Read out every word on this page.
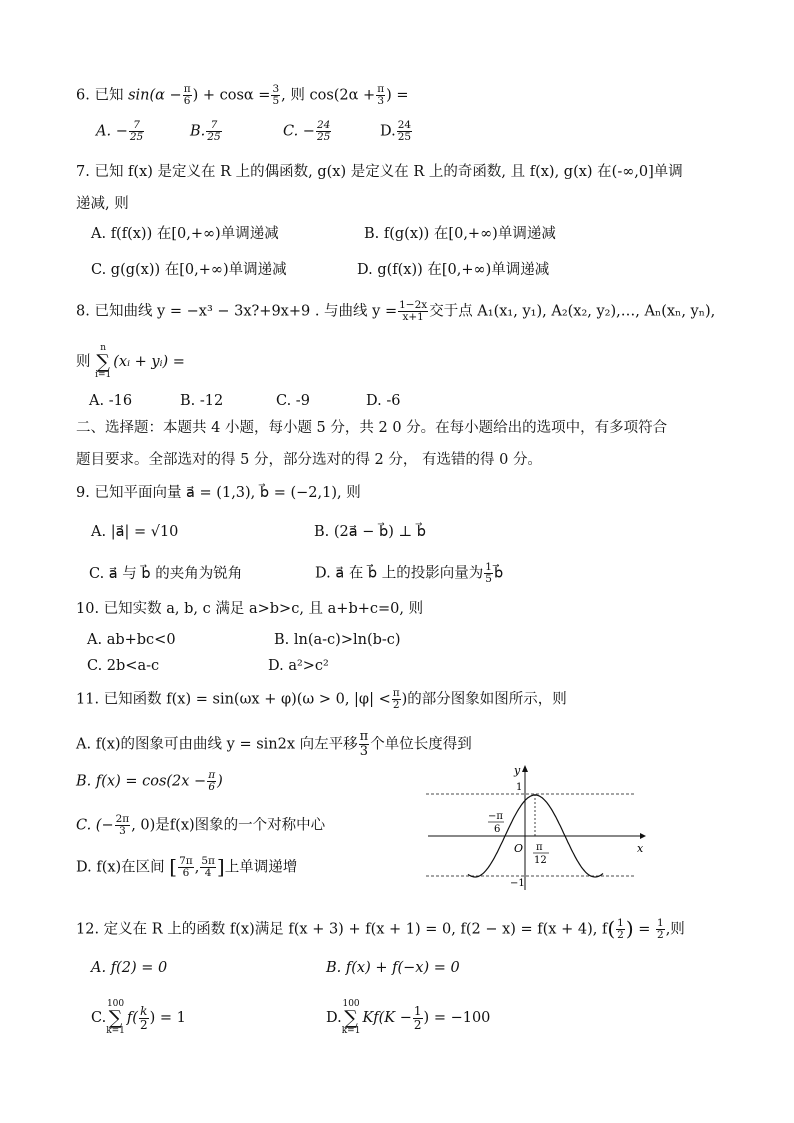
6. 已知 $\sin(\alpha - \frac{\pi}{6}$ ) + $\cos\alpha = \frac{3}{5}$ , 则 $\cos(2\alpha + \frac{\pi}{3}$ ) =
A. − $\frac{7}{25}$	B. $\frac{7}{25}$	C. − $\frac{24}{25}$	D. $\frac{24}{25}$
7. 已知 f(x) 是定义在 R 上的偶函数, g(x) 是定义在 R 上的奇函数, 且 f(x), g(x) 在(-∞,0]单调
递减, 则
A. f(f(x)) 在[0,+∞)单调递减	B. f(g(x)) 在[0,+∞)单调递减
C. g(g(x)) 在[0,+∞)单调递减	D. g(f(x)) 在[0,+∞)单调递减
8. 已知曲线 y = −x³ − 3x?+9x+9 . 与曲线 $y = \frac{1-2x}{x+1}$ 交于点 A₁(x₁, y₁), A₂(x₂, y₂),…, Aₙ(xₙ, yₙ),
则 n
∑
i=1(xᵢ + yᵢ) =
A. -16	B. -12	C. -9	D. -6
二、选择题：本题共 4 小题，每小题 5 分，共 2 0 分。在每小题给出的选项中，有多项符合
题目要求。全部选对的得 5 分，部分选对的得 2 分， 有选错的得 0 分。
9. 已知平面向量 a⃗ = (1,3), b⃗ = (−2,1), 则
A. |a⃗| = √10	B. (2a⃗ − b⃗) ⊥ b⃗
C. a⃗ 与 b⃗ 的夹角为锐角	D. a⃗ 在 b⃗ 上的投影向量为 $\frac{1}{5}$ b⃗
10. 已知实数 a, b, c 满足 a>b>c, 且 a+b+c=0, 则
A. ab+bc<0	B. ln(a-c)>ln(b-c)
C. 2b<a-c	D. a²>c²
11. 已知函数 f(x) = sin(ωx + φ)(ω > 0, $|\varphi| < \frac{\pi}{2}$ )的部分图象如图所示，则
A. f(x)的图象可由曲线 y = sin2x 向左平移 $\frac{\pi}{3}$ 个单位长度得到
B. $f(x) = \cos(2x - \frac{\pi}{6}$ )
C. (− $\frac{2\pi}{3}$ , 0)是f(x)图象的一个对称中心
D. f(x)在区间 [ $\frac{7\pi}{6}$ , $\frac{5\pi}{4}$ ]上单调递增
y
x
1
−1
O
−π
6
π
12
12. 定义在 R 上的函数 f(x)满足 f(x + 3) + f(x + 1) = 0, f(2 − x) = f(x + 4), $f( \frac{1}{2}$ ) = $\frac{1}{2}$ ,则
A. f(2) = 0	B. f(x) + f(−x) = 0
C.100
∑
$k=1f( \frac{k}{2}$ ) = 1	D.100
∑
$k=1Kf(K - \frac{1}{2}$ ) = −100
